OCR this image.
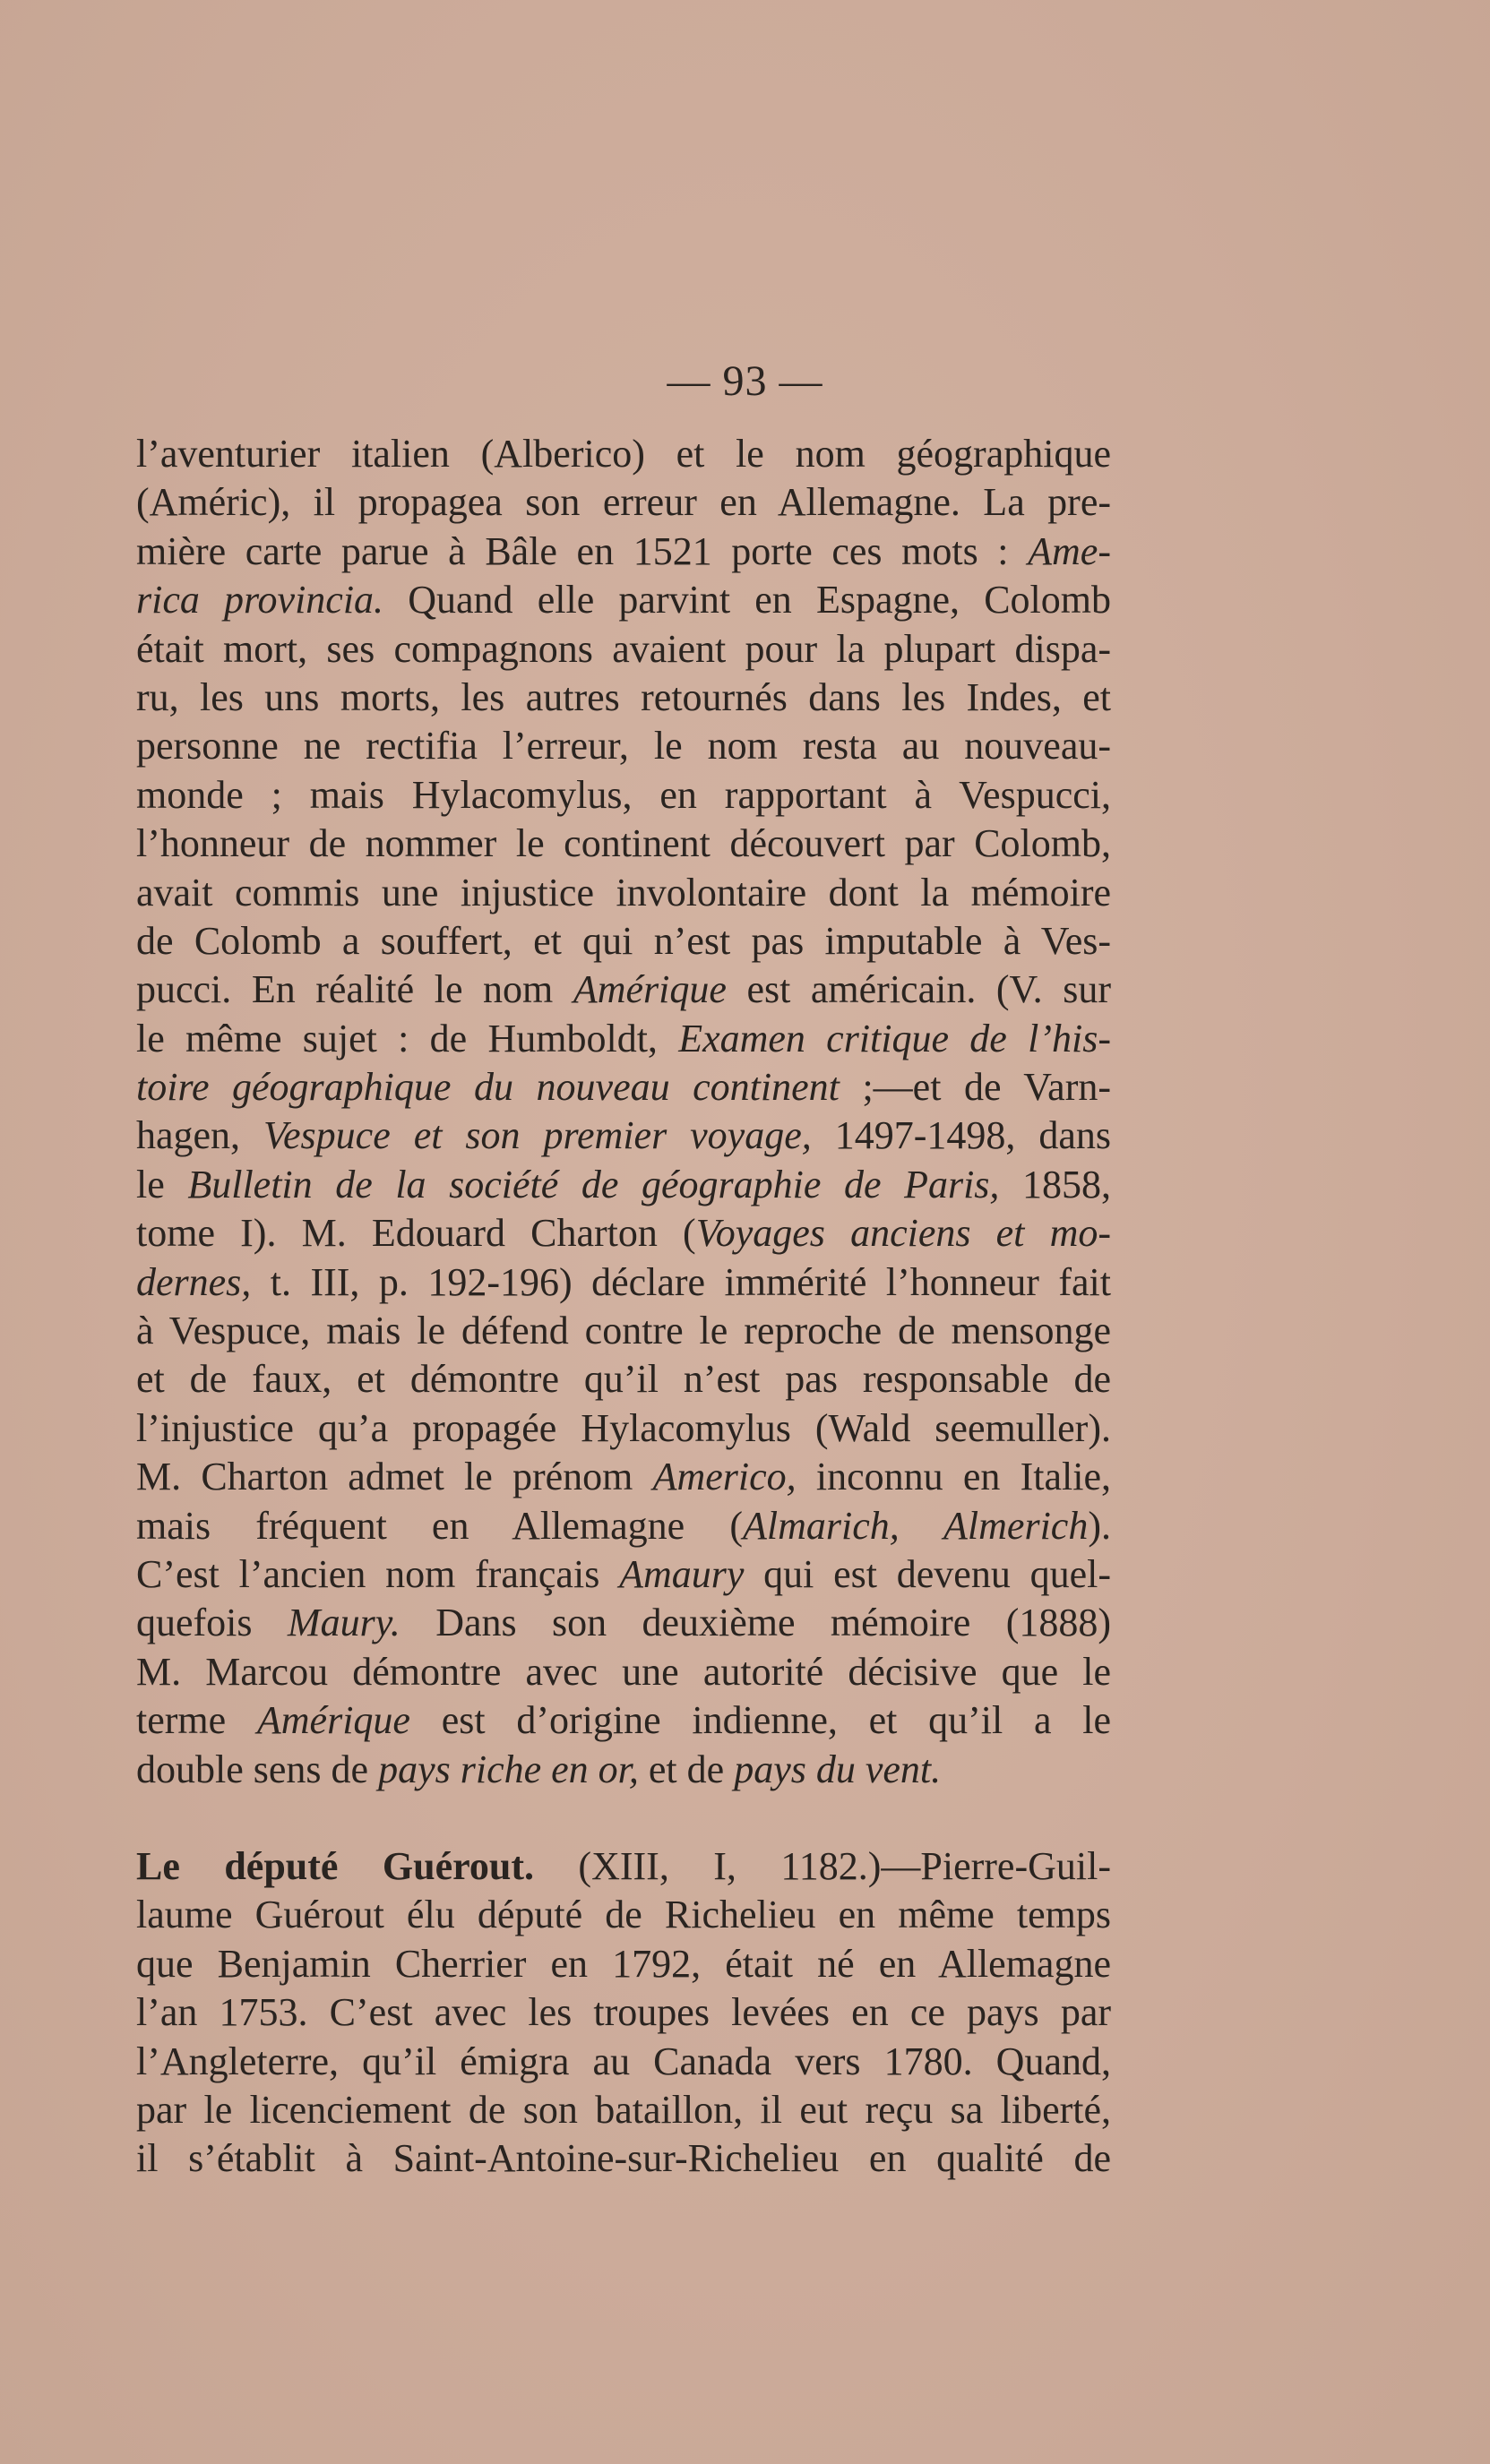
— 93 —
l’aventurier italien (Alberico) et le nom géographique
(Améric), il propagea son erreur en Allemagne. La pre-
mière carte parue à Bâle en 1521 porte ces mots : Ame-
rica provincia. Quand elle parvint en Espagne, Colomb
était mort, ses compagnons avaient pour la plupart dispa-
ru, les uns morts, les autres retournés dans les Indes, et
personne ne rectifia l’erreur, le nom resta au nouveau-
monde ; mais Hylacomylus, en rapportant à Vespucci,
l’honneur de nommer le continent découvert par Colomb,
avait commis une injustice involontaire dont la mémoire
de Colomb a souffert, et qui n’est pas imputable à Ves-
pucci. En réalité le nom Amérique est américain. (V. sur
le même sujet : de Humboldt, Examen critique de l’his-
toire géographique du nouveau continent ;—et de Varn-
hagen, Vespuce et son premier voyage, 1497-1498, dans
le Bulletin de la société de géographie de Paris, 1858,
tome I). M. Edouard Charton (Voyages anciens et mo-
dernes, t. III, p. 192-196) déclare immérité l’honneur fait
à Vespuce, mais le défend contre le reproche de mensonge
et de faux, et démontre qu’il n’est pas responsable de
l’injustice qu’a propagée Hylacomylus (Wald seemuller).
M. Charton admet le prénom Americo, inconnu en Italie,
mais fréquent en Allemagne (Almarich, Almerich).
C’est l’ancien nom français Amaury qui est devenu quel-
quefois Maury. Dans son deuxième mémoire (1888)
M. Marcou démontre avec une autorité décisive que le
terme Amérique est d’origine indienne, et qu’il a le
double sens de pays riche en or, et de pays du vent.
Le député Guérout. (XIII, I, 1182.)—Pierre-Guil-
laume Guérout élu député de Richelieu en même temps
que Benjamin Cherrier en 1792, était né en Allemagne
l’an 1753. C’est avec les troupes levées en ce pays par
l’Angleterre, qu’il émigra au Canada vers 1780. Quand,
par le licenciement de son bataillon, il eut reçu sa liberté,
il s’établit à Saint-Antoine-sur-Richelieu en qualité de
